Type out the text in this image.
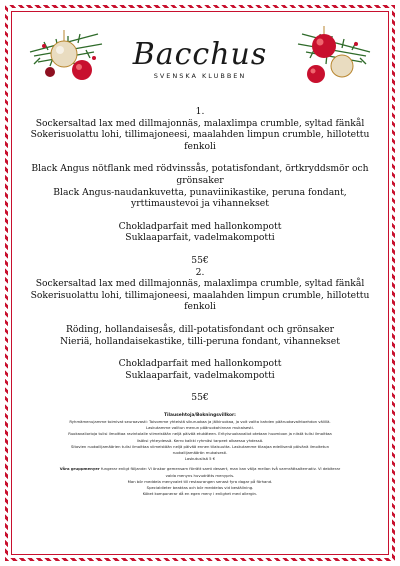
Bacchus
SVENSKA KLUBBEN
1.
Sockersaltad lax med dillmajonnäs, malaxlimpa crumble, syltad fänkål
Sokerisuolattu lohi, tillimajoneesi, maalahden limpun crumble, hillotettu
fenkoli
Black Angus nötflank med rödvinssås, potatisfondant, örtkryddsmör och
grönsaker
Black Angus-naudankuvetta, punaviinikastike, peruna fondant,
yrttimaustevoi ja vihannekset
Chokladparfait med hallonkompott
Suklaaparfait, vadelmakompotti
55€
2.
Sockersaltad lax med dillmajonnäs, malaxlimpa crumble, syltad fänkål
Sokerisuolattu lohi, tillimajoneesi, maalahden limpun crumble, hillotettu
fenkoli
Röding, hollandaisesås, dill-potatisfondant och grönsaker
Nieriä, hollandaisekastike, tilli-peruna fondant, vihannekset
Chokladparfait med hallonkompott
Suklaaparfait, vadelmakompotti
55€
Tilausehtoja/Bokningsvillkor:
Ryhmämenujamme toimivat seuraavasti: Toivomme yhteistä sikuruokaa ja jälkiruokaa, ja voit valita kahden pääruokavaihtoehdon välillä.
Laskutamme valitun menun pääruokahinnan mukaisesti.
Ruokavaliorioja tulisi ilmoittaa ravintolalle viimeistään neljä päivää etukäteen. Erityisruokavaliot otetaan huomioon ja niistä tulisi ilmoittaa
lisäksi yhteydessä. Kerro kaikki ryhmäsi tarpeet alkaessa yhdessä.
Sitovien ruokailijamäärien tulisi ilmoittaa viimeistään neljä päivää ennen tilaisuutta. Laskutamme tilaajaa edellisenä päivänä ilmoitetun
ruokailijamäärän mukaisesti.
Laskutuslisä 5 €
Våra gruppmenyer fungerar enligt följande: Vi önskar gemensam förrätt samt dessert, man kan välja mellan två varmrättsalternativ. Vi debiterar
valda menyns huvudrätts menypris.
Man bör meddela menyvalet till restaurangen senast fyra dagar på förhand.
Specialdieter beaktas och bör meddelas vid beställning.
Köket komponerar då en egen meny i enlighet med allergin.
